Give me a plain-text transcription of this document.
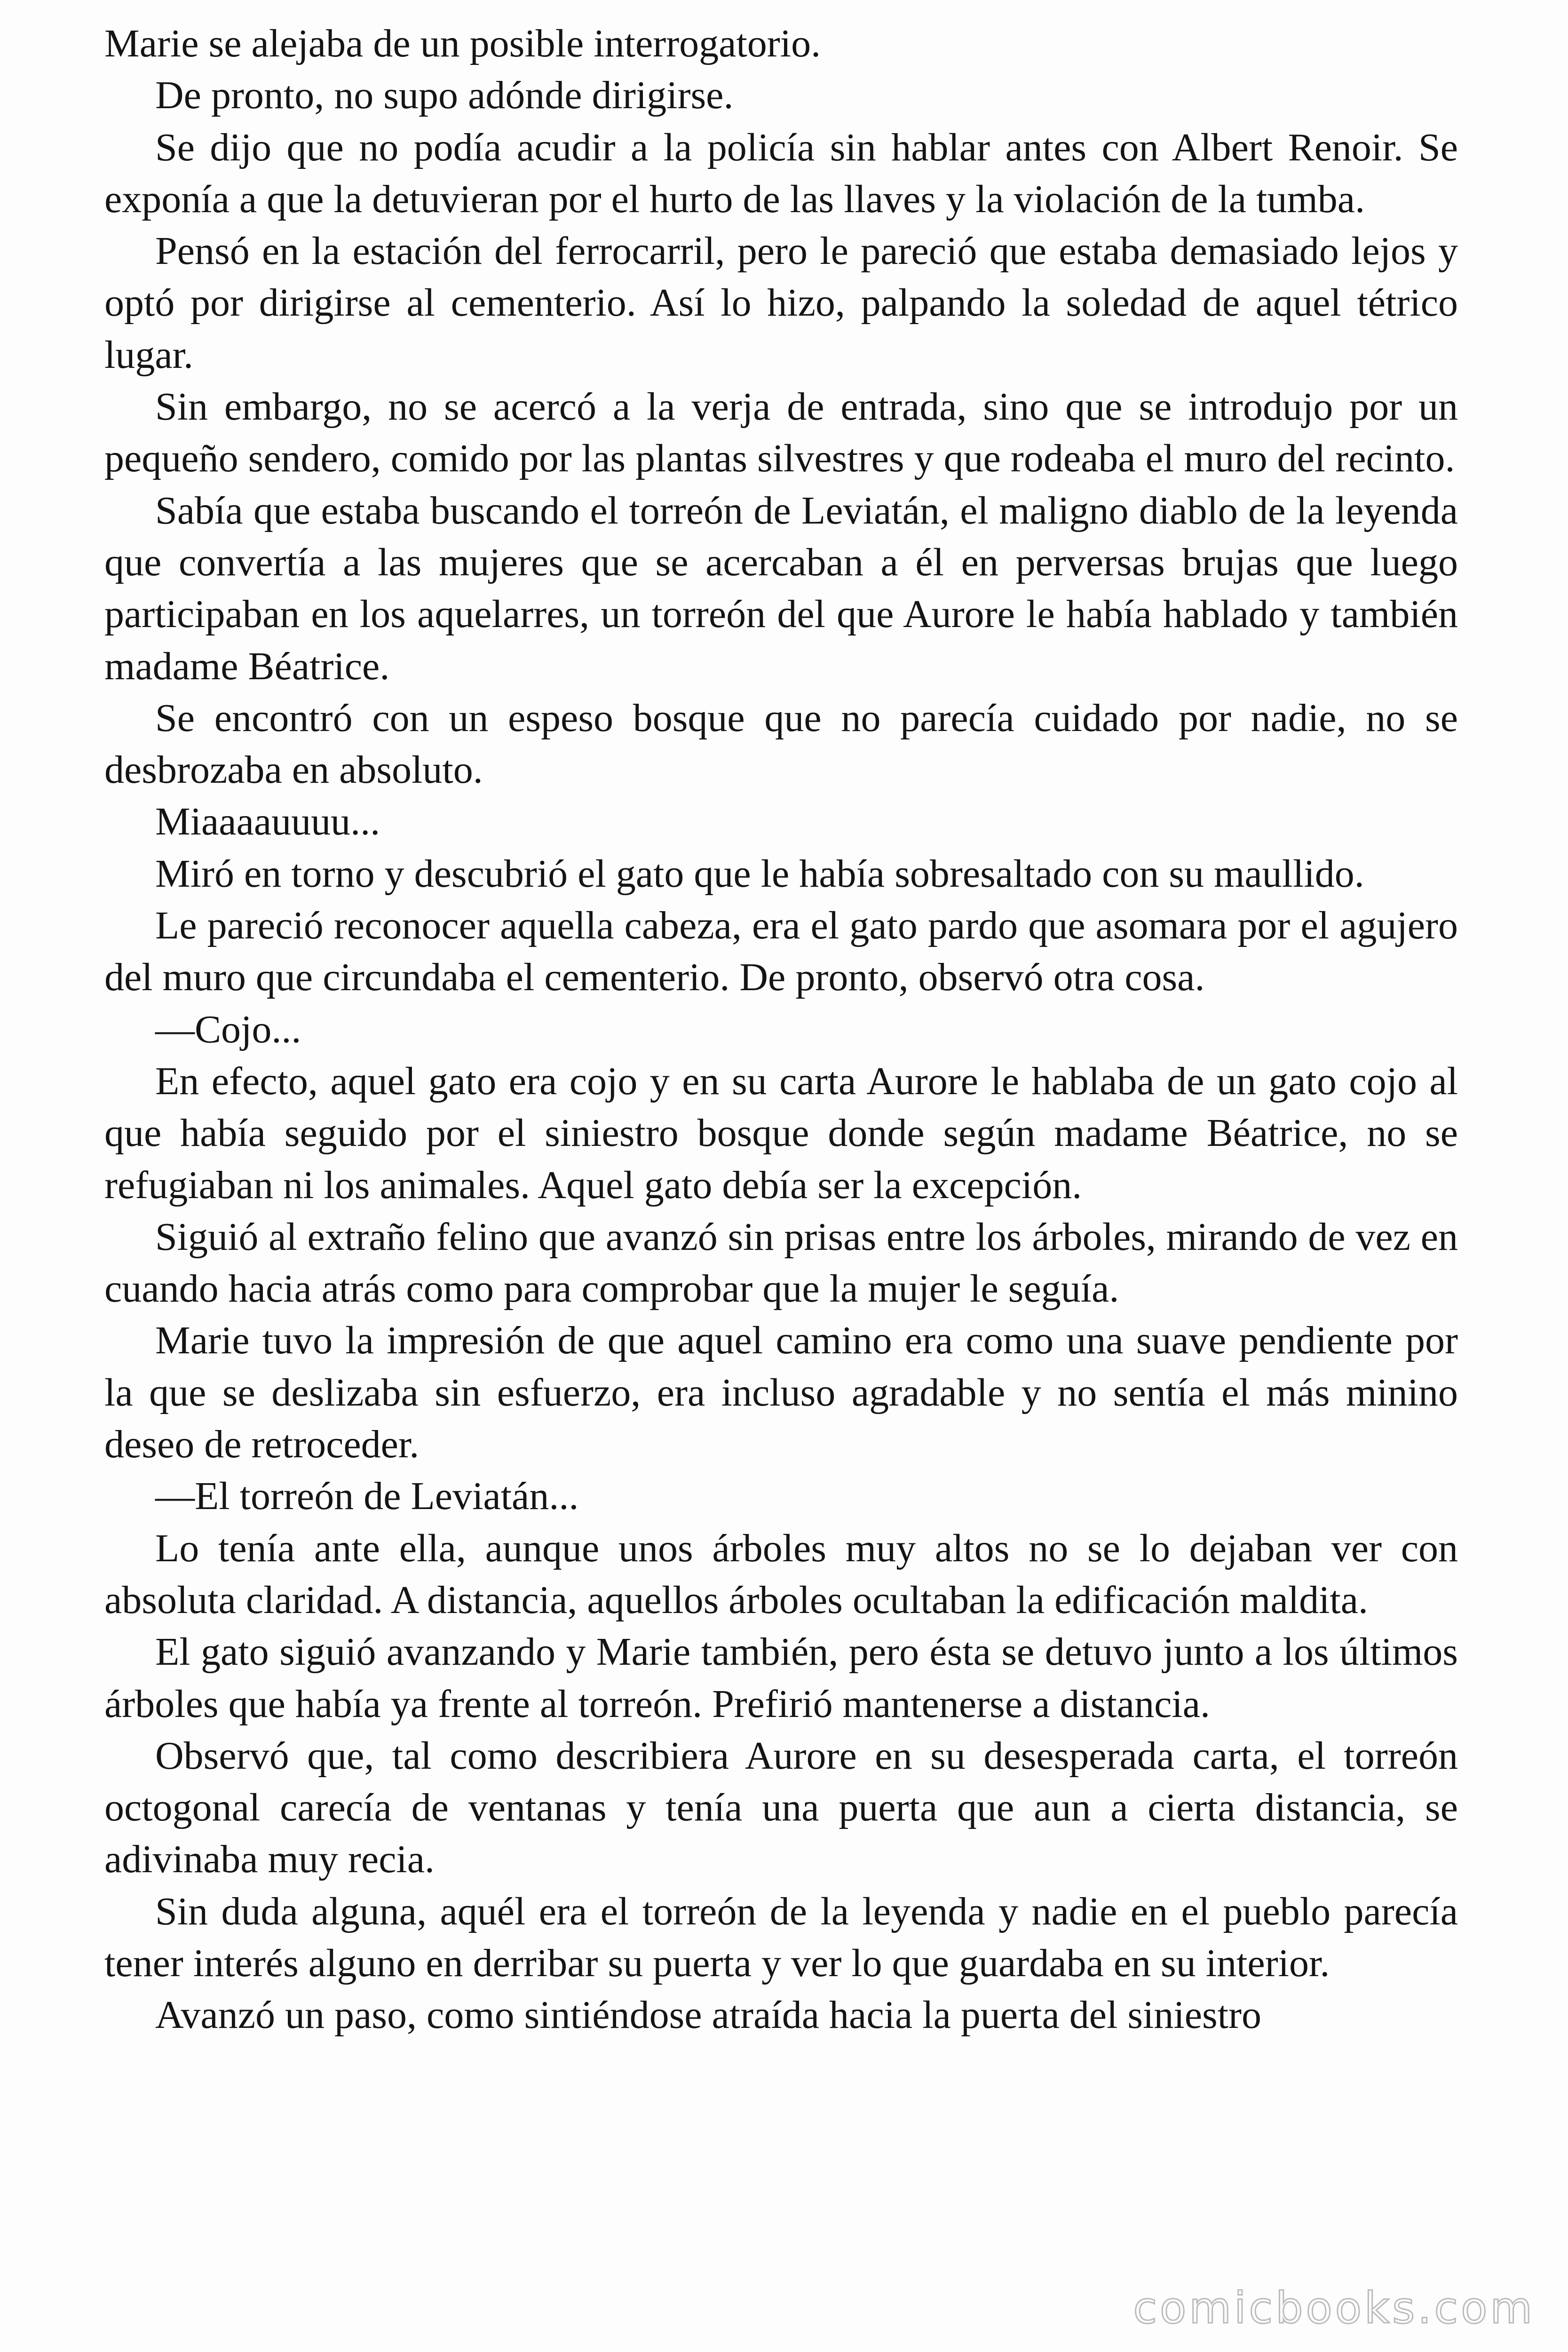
Marie se alejaba de un posible interrogatorio.

De pronto, no supo adónde dirigirse.

Se dijo que no podía acudir a la policía sin hablar antes con Albert Renoir. Se exponía a que la detuvieran por el hurto de las llaves y la violación de la tumba.

Pensó en la estación del ferrocarril, pero le pareció que estaba demasiado lejos y optó por dirigirse al cementerio. Así lo hizo, palpando la soledad de aquel tétrico lugar.

Sin embargo, no se acercó a la verja de entrada, sino que se introdujo por un pequeño sendero, comido por las plantas silvestres y que rodeaba el muro del recinto.

Sabía que estaba buscando el torreón de Leviatán, el maligno diablo de la leyenda que convertía a las mujeres que se acercaban a él en perversas brujas que luego participaban en los aquelarres, un torreón del que Aurore le había hablado y también madame Béatrice.

Se encontró con un espeso bosque que no parecía cuidado por nadie, no se desbrozaba en absoluto.

Miaaaauuuu...

Miró en torno y descubrió el gato que le había sobresaltado con su maullido.

Le pareció reconocer aquella cabeza, era el gato pardo que asomara por el agujero del muro que circundaba el cementerio. De pronto, observó otra cosa.

—Cojo...

En efecto, aquel gato era cojo y en su carta Aurore le hablaba de un gato cojo al que había seguido por el siniestro bosque donde según madame Béatrice, no se refugiaban ni los animales. Aquel gato debía ser la excepción.

Siguió al extraño felino que avanzó sin prisas entre los árboles, mirando de vez en cuando hacia atrás como para comprobar que la mujer le seguía.

Marie tuvo la impresión de que aquel camino era como una suave pendiente por la que se deslizaba sin esfuerzo, era incluso agradable y no sentía el más minino deseo de retroceder.

—El torreón de Leviatán...

Lo tenía ante ella, aunque unos árboles muy altos no se lo dejaban ver con absoluta claridad. A distancia, aquellos árboles ocultaban la edificación maldita.

El gato siguió avanzando y Marie también, pero ésta se detuvo junto a los últimos árboles que había ya frente al torreón. Prefirió mantenerse a distancia.

Observó que, tal como describiera Aurore en su desesperada carta, el torreón octogonal carecía de ventanas y tenía una puerta que aun a cierta distancia, se adivinaba muy recia.

Sin duda alguna, aquél era el torreón de la leyenda y nadie en el pueblo parecía tener interés alguno en derribar su puerta y ver lo que guardaba en su interior.

Avanzó un paso, como sintiéndose atraída hacia la puerta del siniestro

comicbooks.com
